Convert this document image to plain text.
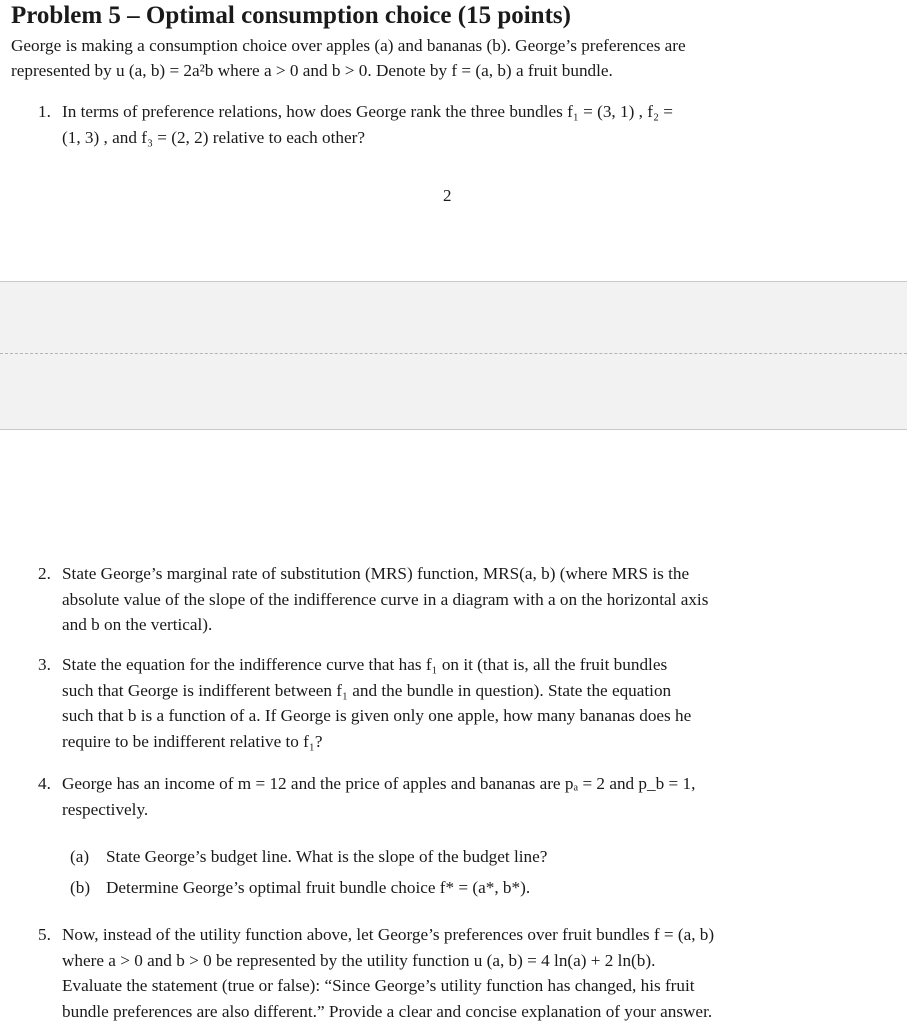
Problem 5 – Optimal consumption choice (15 points)
George is making a consumption choice over apples (a) and bananas (b). George’s preferences are
represented by u (a, b) = 2a²b where a > 0 and b > 0. Denote by f = (a, b) a fruit bundle.
1. In terms of preference relations, how does George rank the three bundles f₁ = (3, 1) , f₂ =
(1, 3) , and f₃ = (2, 2) relative to each other?
2
2. State George’s marginal rate of substitution (MRS) function, MRS(a, b) (where MRS is the
absolute value of the slope of the indifference curve in a diagram with a on the horizontal axis
and b on the vertical).
3. State the equation for the indifference curve that has f₁ on it (that is, all the fruit bundles
such that George is indifferent between f₁ and the bundle in question). State the equation
such that b is a function of a. If George is given only one apple, how many bananas does he
require to be indifferent relative to f₁?
4. George has an income of m = 12 and the price of apples and bananas are pₐ = 2 and p_b = 1,
respectively.
(a) State George’s budget line. What is the slope of the budget line?
(b) Determine George’s optimal fruit bundle choice f* = (a*, b*).
5. Now, instead of the utility function above, let George’s preferences over fruit bundles f = (a, b)
where a > 0 and b > 0 be represented by the utility function u (a, b) = 4 ln(a) + 2 ln(b).
Evaluate the statement (true or false): “Since George’s utility function has changed, his fruit
bundle preferences are also different.” Provide a clear and concise explanation of your answer.
